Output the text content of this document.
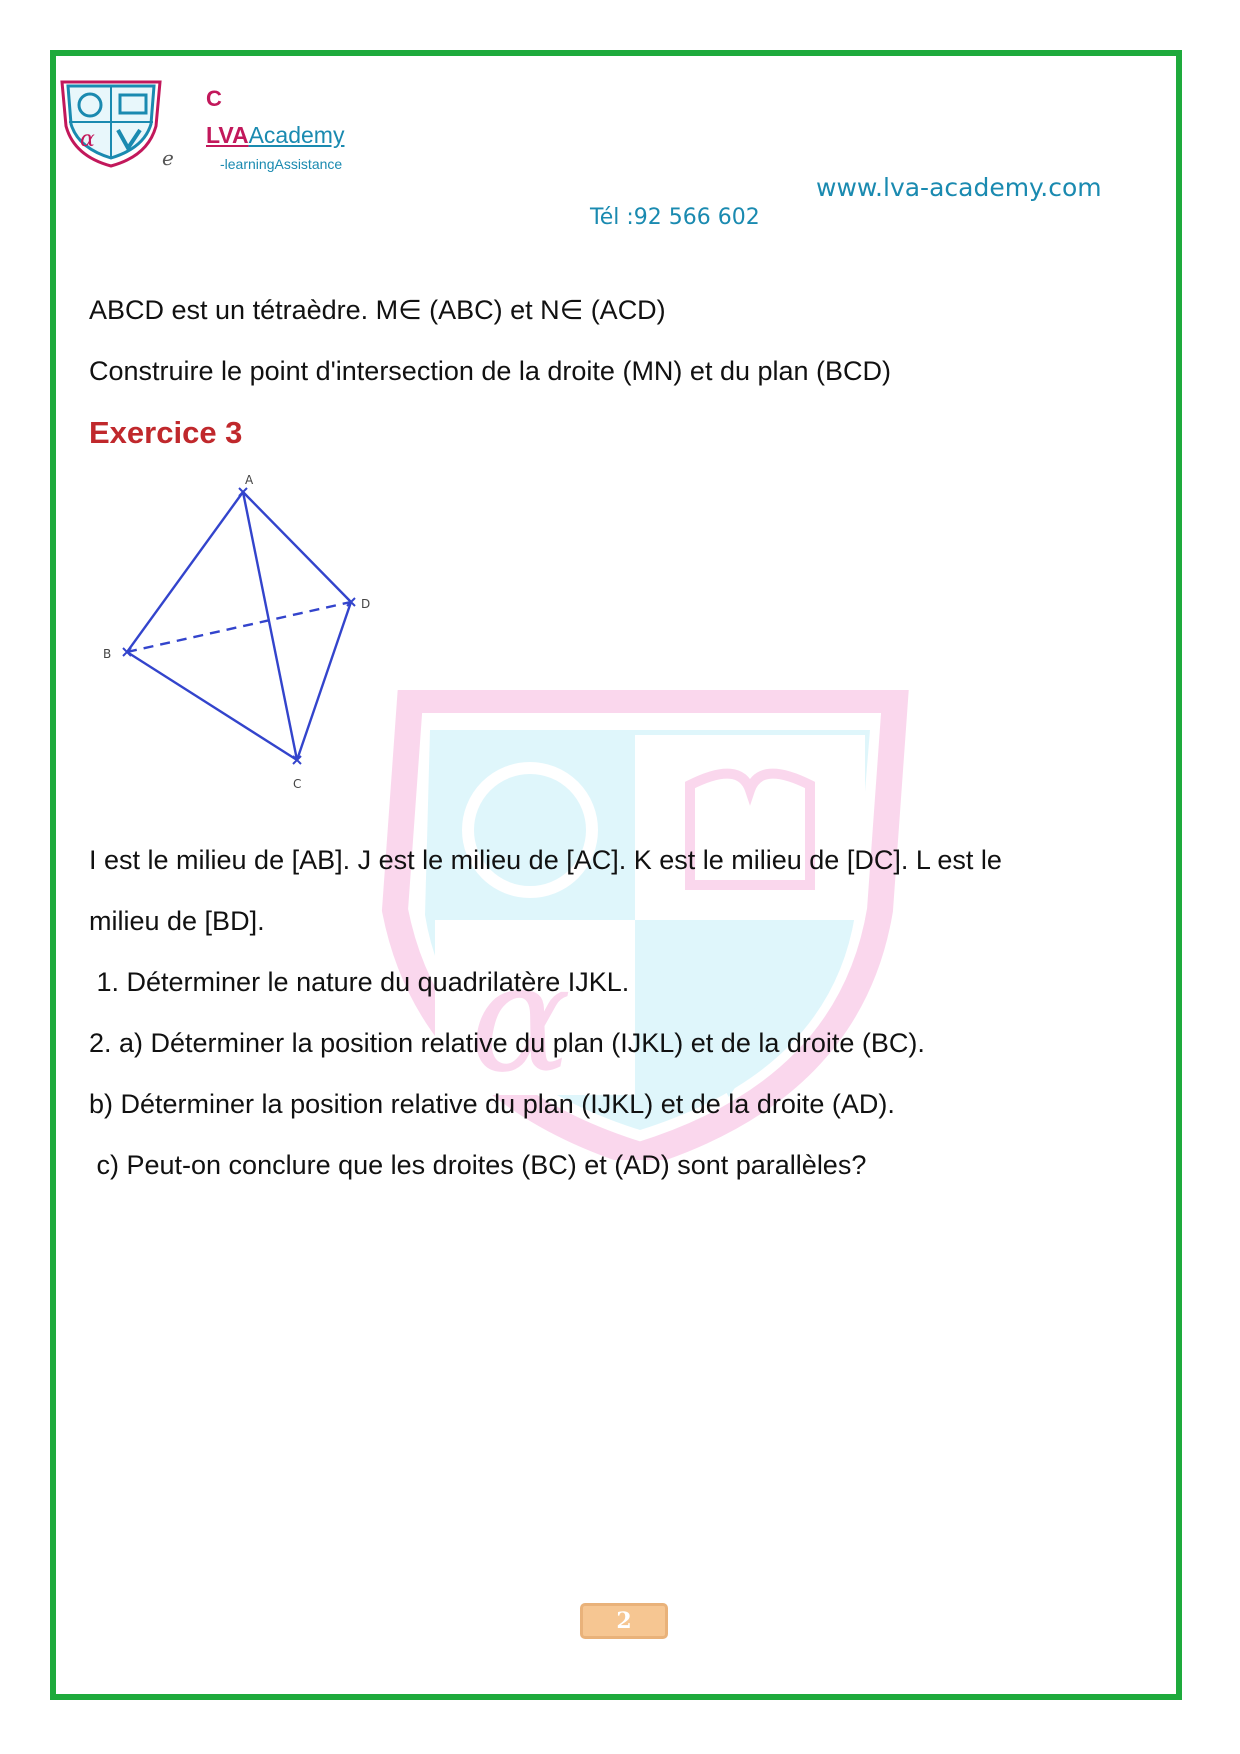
α
C
LVAAcademy
e	-learningAssistance
www.lva-academy.com
Tél :92 566 602
α

ABCD est un tétraèdre. M∈ (ABC) et N∈ (ACD)

Construire le point d'intersection de la droite (MN) et du plan (BCD)

Exercice 3

A
B
C
D

I est le milieu de [AB]. J est le milieu de [AC]. K est le milieu de [DC]. L est le

milieu de [BD].

1. Déterminer le nature du quadrilatère IJKL.

2. a) Déterminer la position relative du plan (IJKL) et de la droite (BC).

b) Déterminer la position relative du plan (IJKL) et de la droite (AD).

c) Peut-on conclure que les droites (BC) et (AD) sont parallèles?

2
